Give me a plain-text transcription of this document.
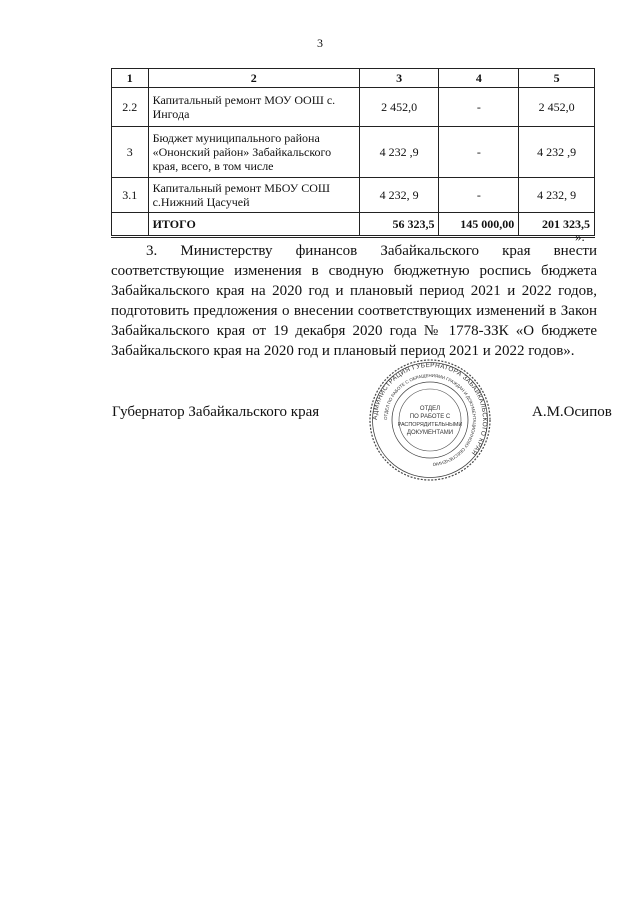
3
1	2	3	4	5
2.2	Капитальный ремонт МОУ ООШ с. Ингода	2 452,0	-	2 452,0
3	Бюджет муниципального района «Ононский район» Забайкальского края, всего, в том числе	4 232 ,9	-	4 232 ,9
3.1	Капитальный ремонт МБОУ СОШ с.Нижний Цасучей	4 232, 9	-	4 232, 9
	ИТОГО	56 323,5	145 000,00	201 323,5
».
3. Министерству финансов Забайкальского края внести соответствующие изменения в сводную бюджетную роспись бюджета Забайкальского края на 2020 год и плановый период 2021 и 2022 годов, подготовить предложения о внесении соответствующих изменений в Закон Забайкальского края от 19 декабря 2020 года № 1778-ЗЗК «О бюджете Забайкальского края на 2020 год и плановый период 2021 и 2022 годов».
Губернатор Забайкальского края	АДМИНИСТРАЦИЯ ГУБЕРНАТОРА ЗАБАЙКАЛЬСКОГО КРАЯ
ОТДЕЛ ПО РАБОТЕ С ОБРАЩЕНИЯМИ ГРАЖДАН И ДОКУМЕНТАЦИОННОМУ ОБЕСПЕЧЕНИЮ
ОТДЕЛ
ПО РАБОТЕ С
РАСПОРЯДИТЕЛЬНЫМИ
ДОКУМЕНТАМИ
А.М.Осипов
